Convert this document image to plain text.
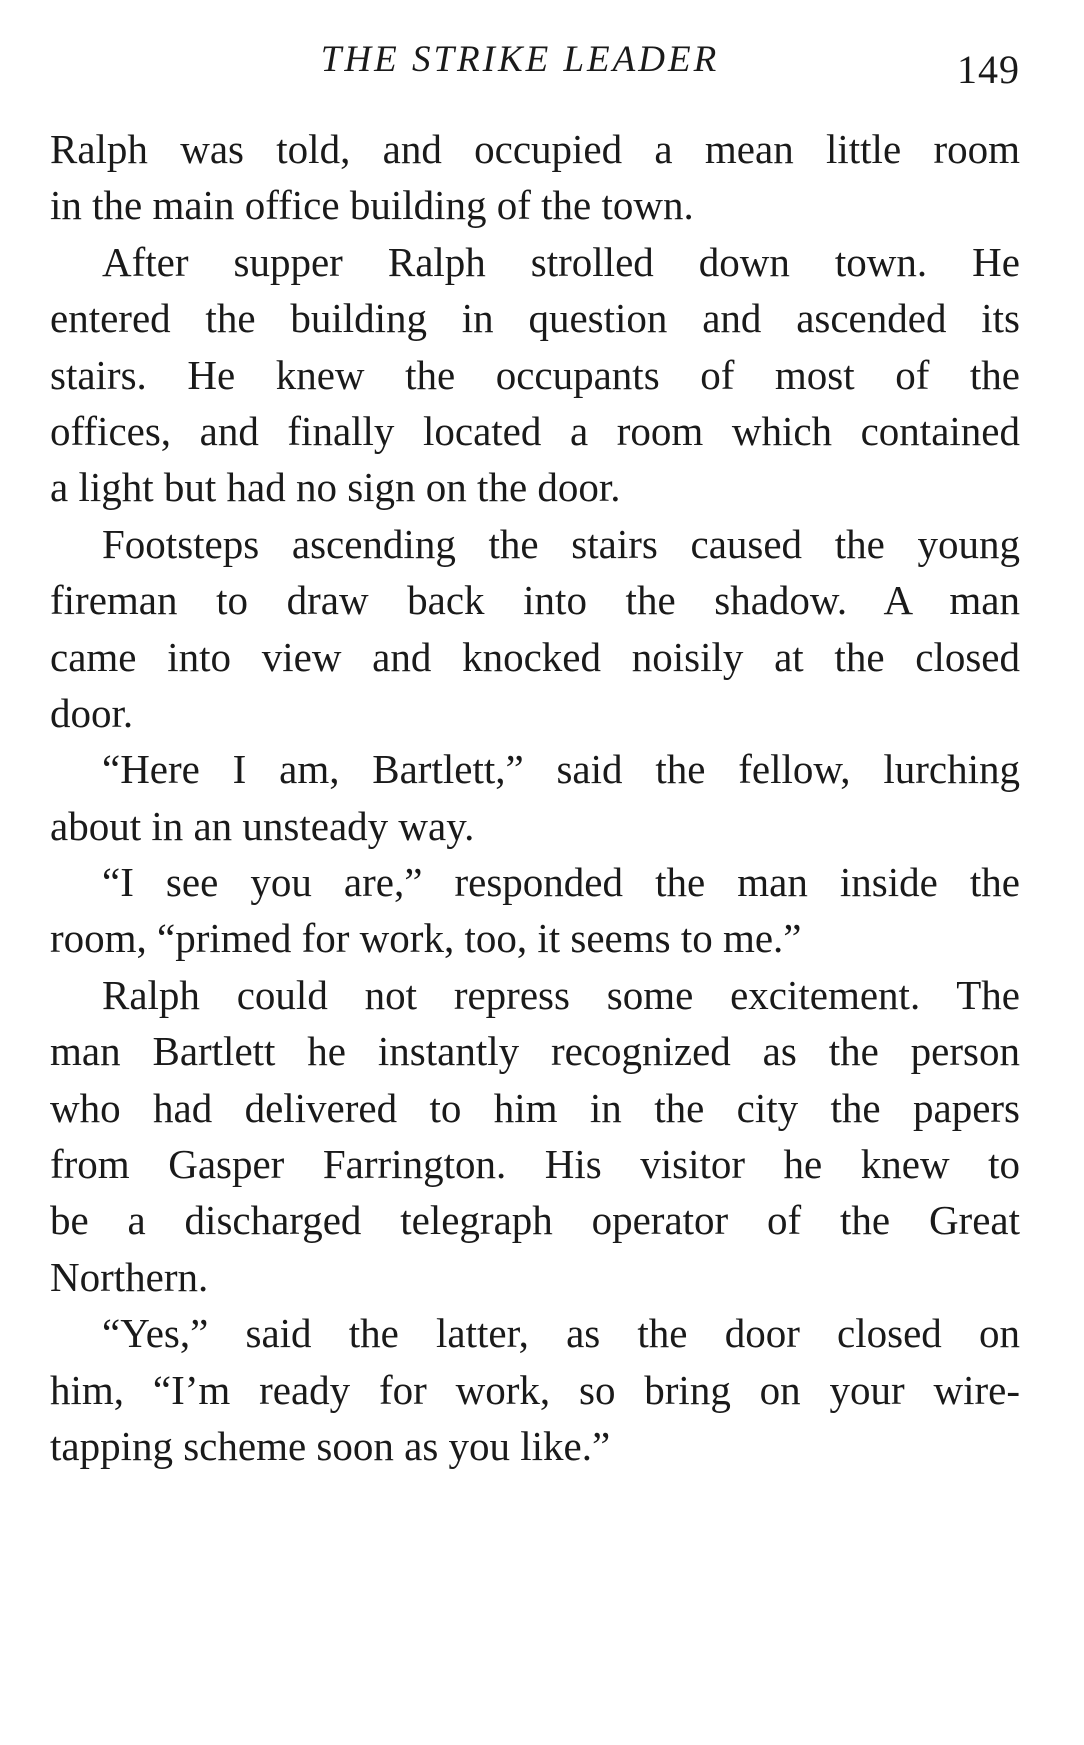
THE STRIKE LEADER	149
Ralph was told, and occupied a mean little room
in the main office building of the town.
After supper Ralph strolled down town. He
entered the building in question and ascended its
stairs. He knew the occupants of most of the
offices, and finally located a room which contained
a light but had no sign on the door.
Footsteps ascending the stairs caused the young
fireman to draw back into the shadow. A man
came into view and knocked noisily at the closed
door.
“Here I am, Bartlett,” said the fellow, lurching
about in an unsteady way.
“I see you are,” responded the man inside the
room, “primed for work, too, it seems to me.”
Ralph could not repress some excitement. The
man Bartlett he instantly recognized as the person
who had delivered to him in the city the papers
from Gasper Farrington. His visitor he knew to
be a discharged telegraph operator of the Great
Northern.
“Yes,” said the latter, as the door closed on
him, “I’m ready for work, so bring on your wire-
tapping scheme soon as you like.”
